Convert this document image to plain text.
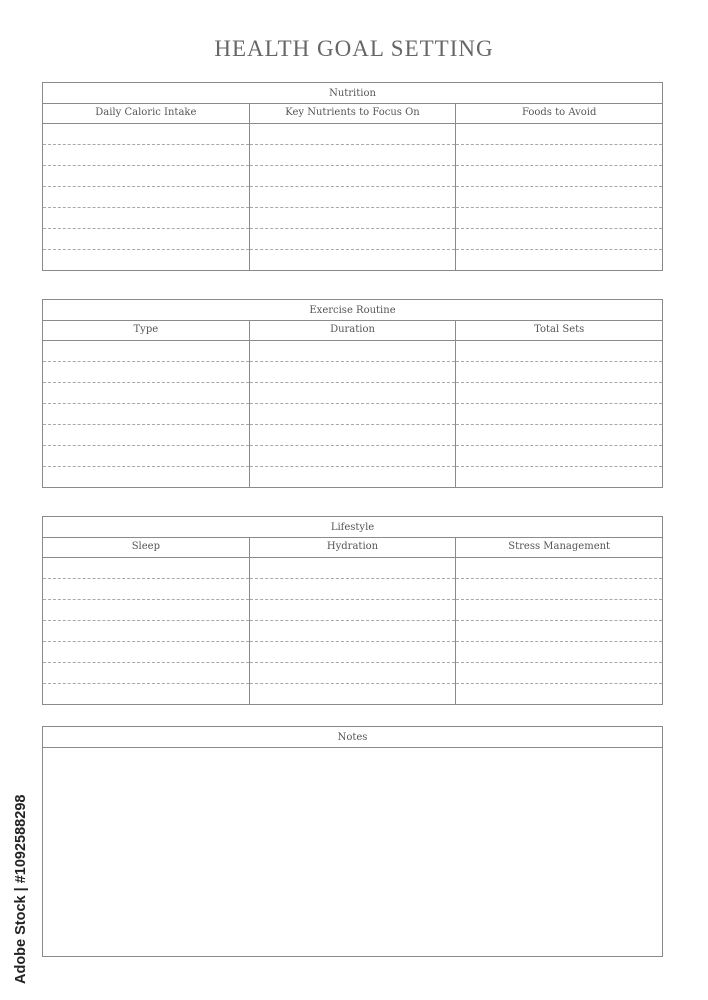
HEALTH GOAL SETTING
Nutrition
Daily Caloric Intake	Key Nutrients to Focus On	Foods to Avoid
Exercise Routine
Type	Duration	Total Sets
Lifestyle
Sleep	Hydration	Stress Management
Notes
Adobe Stock | #1092588298
